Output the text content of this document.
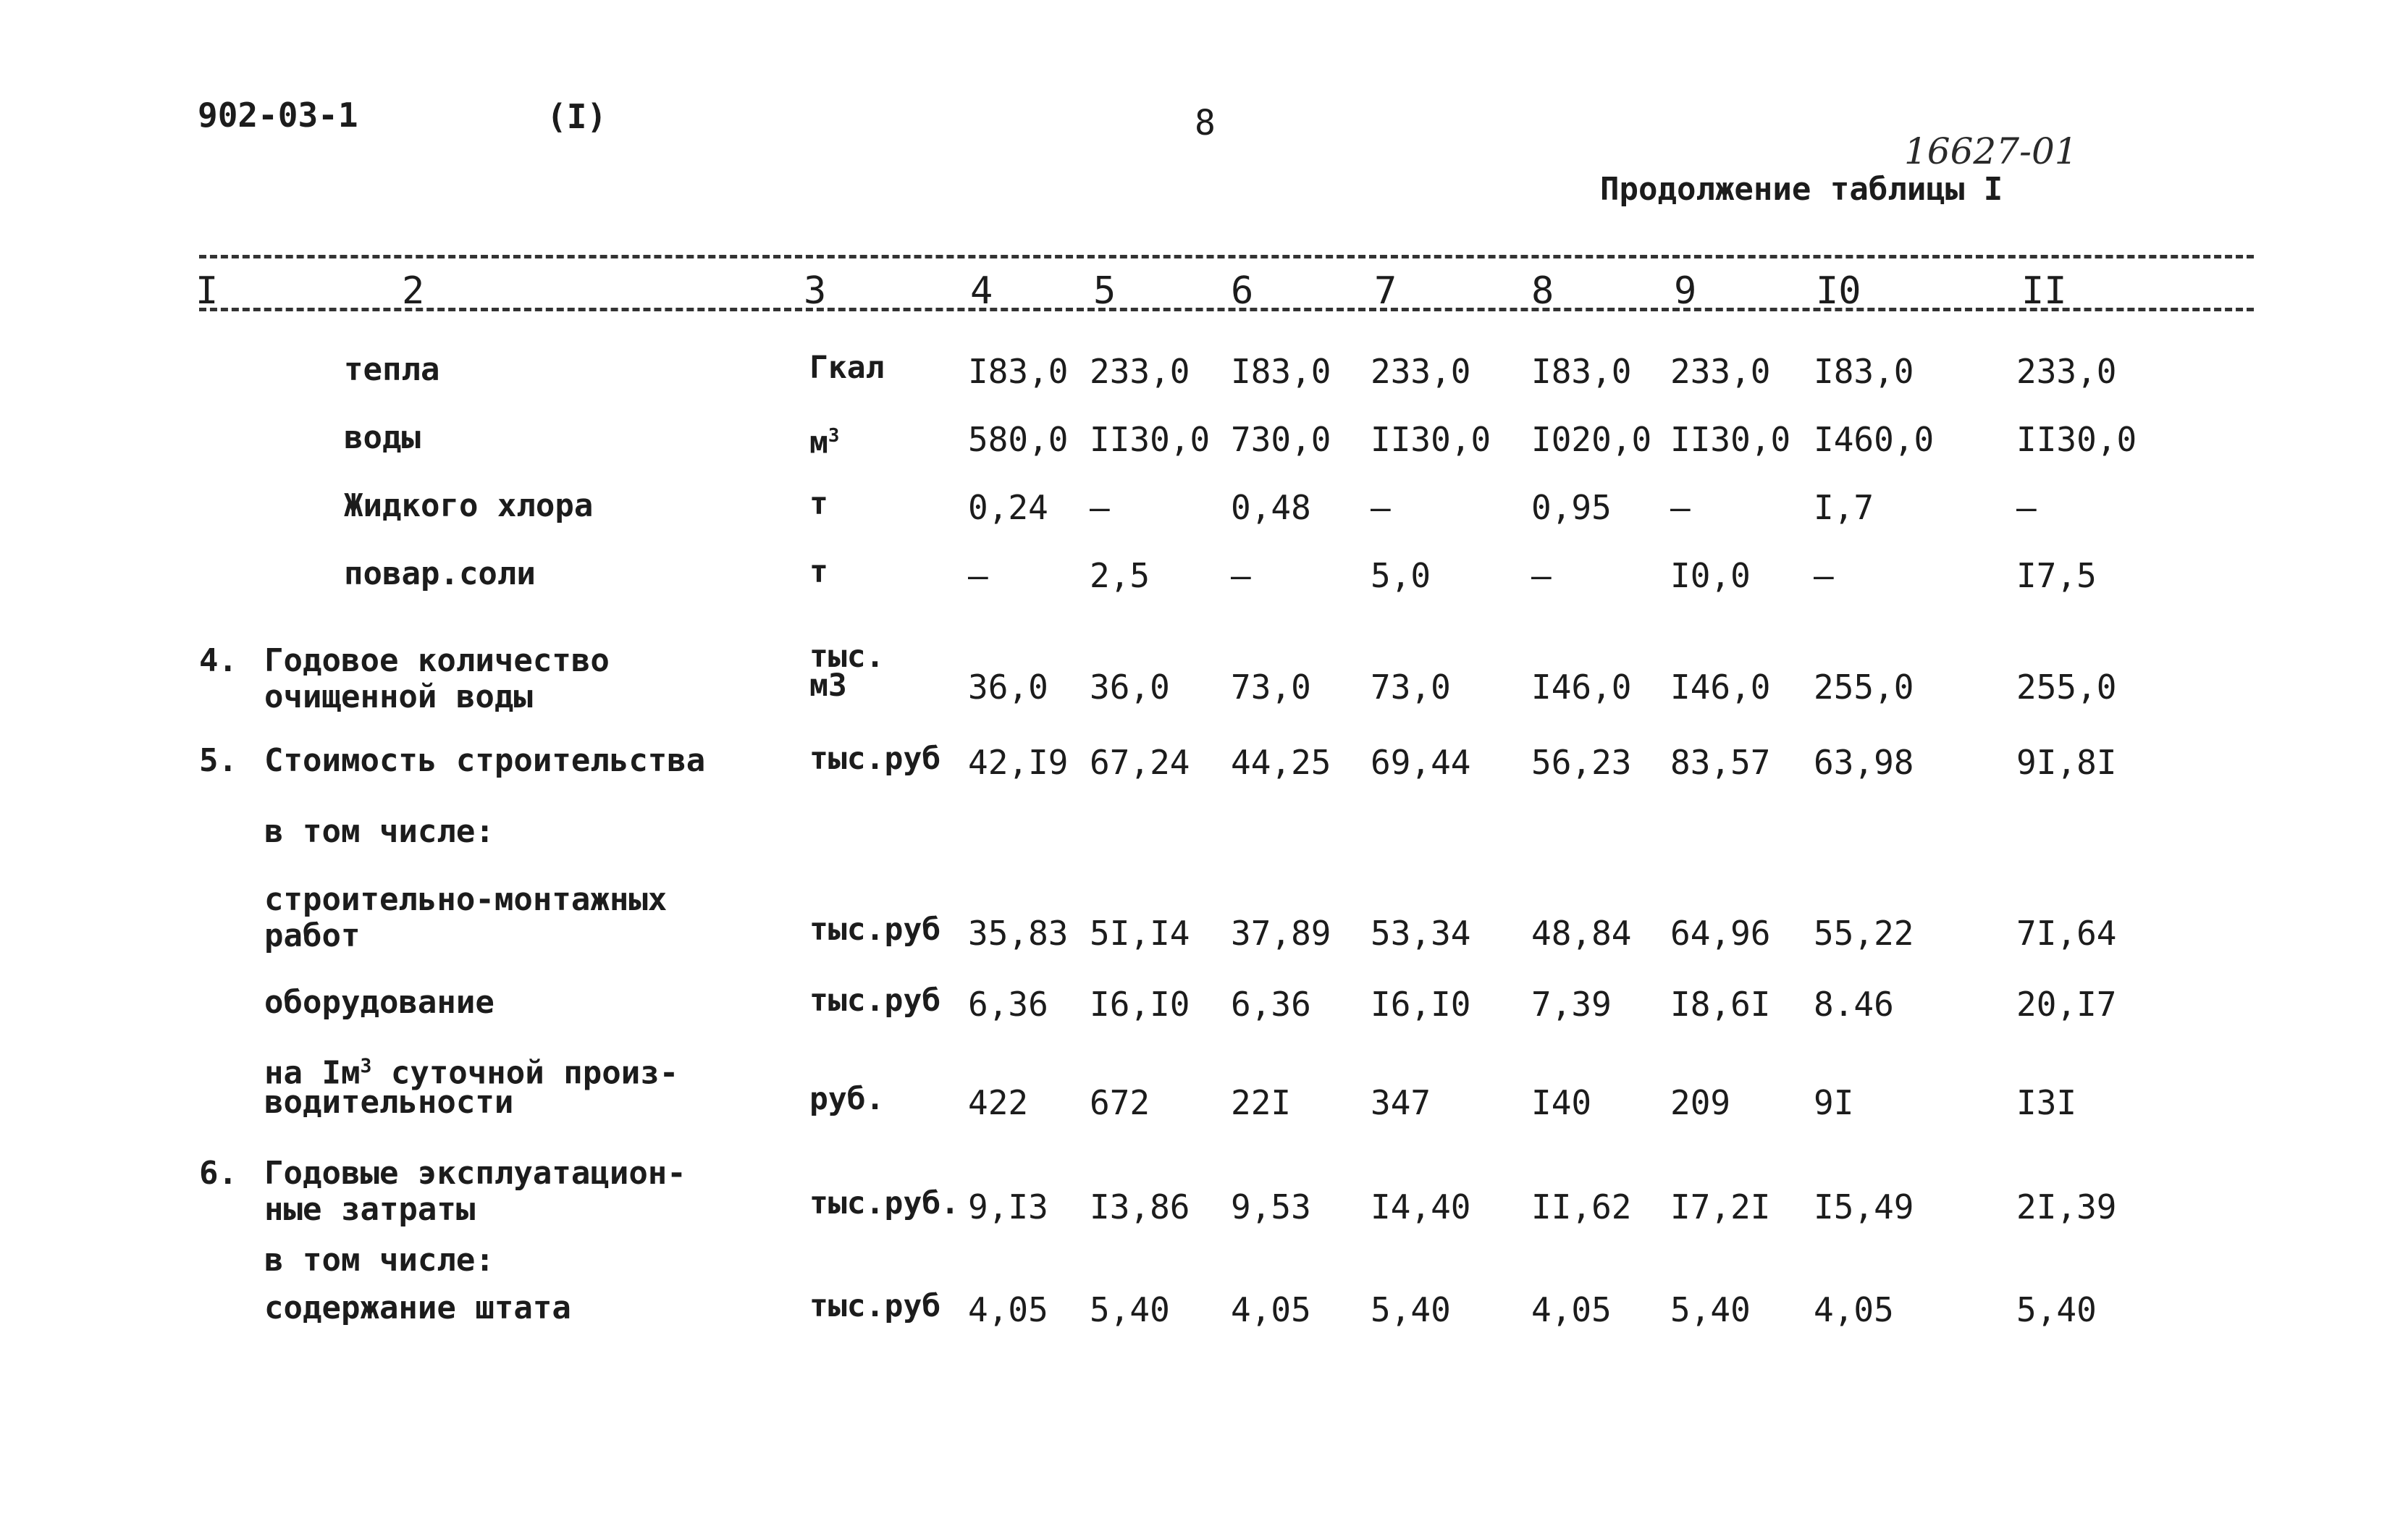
902-03-1	(I)	8
16627-01
Продолжение таблицы I
I	2	3	4	5	6	7	8	9	I0	II
тепла	Гкал	I83,0 233,0 I83,0 233,0 I83,0 233,0 I83,0	233,0
воды	$м^3$	580,0 II30,0 730,0 II30,0 I020,0 II30,0 I460,0 II30,0
Жидкого хлора	т	0,24 –	0,48 –	0,95 –	I,7	–
повар.соли	т	–	2,5 –	5,0	–	I0,0 –	I7,5
4. Годовое количество
очищенной воды
тыс.
м3	36,0 36,0 73,0 73,0 I46,0 I46,0 255,0	255,0
5. Стоимость строительства	тыс.руб 42,I9 67,24 44,25 69,44 56,23 83,57 63,98	9I,8I
в том числе:
строительно-монтажных
работ	тыс.руб 35,83 5I,I4 37,89 53,34 48,84 64,96 55,22	7I,64
оборудование	тыс.руб 6,36 I6,I0 6,36 I6,I0 7,39 I8,6I 8.46	20,I7
на $Iм^3$ суточной произ-
водительности	руб.	422 672 22I 347	I40 209 9I	I3I
6. Годовые эксплуатацион-
ные затраты	тыс.руб. 9,I3 I3,86 9,53 I4,40 II,62 I7,2I I5,49	2I,39
в том числе:
содержание штата	тыс.руб 4,05 5,40 4,05 5,40 4,05 5,40 4,05	5,40
